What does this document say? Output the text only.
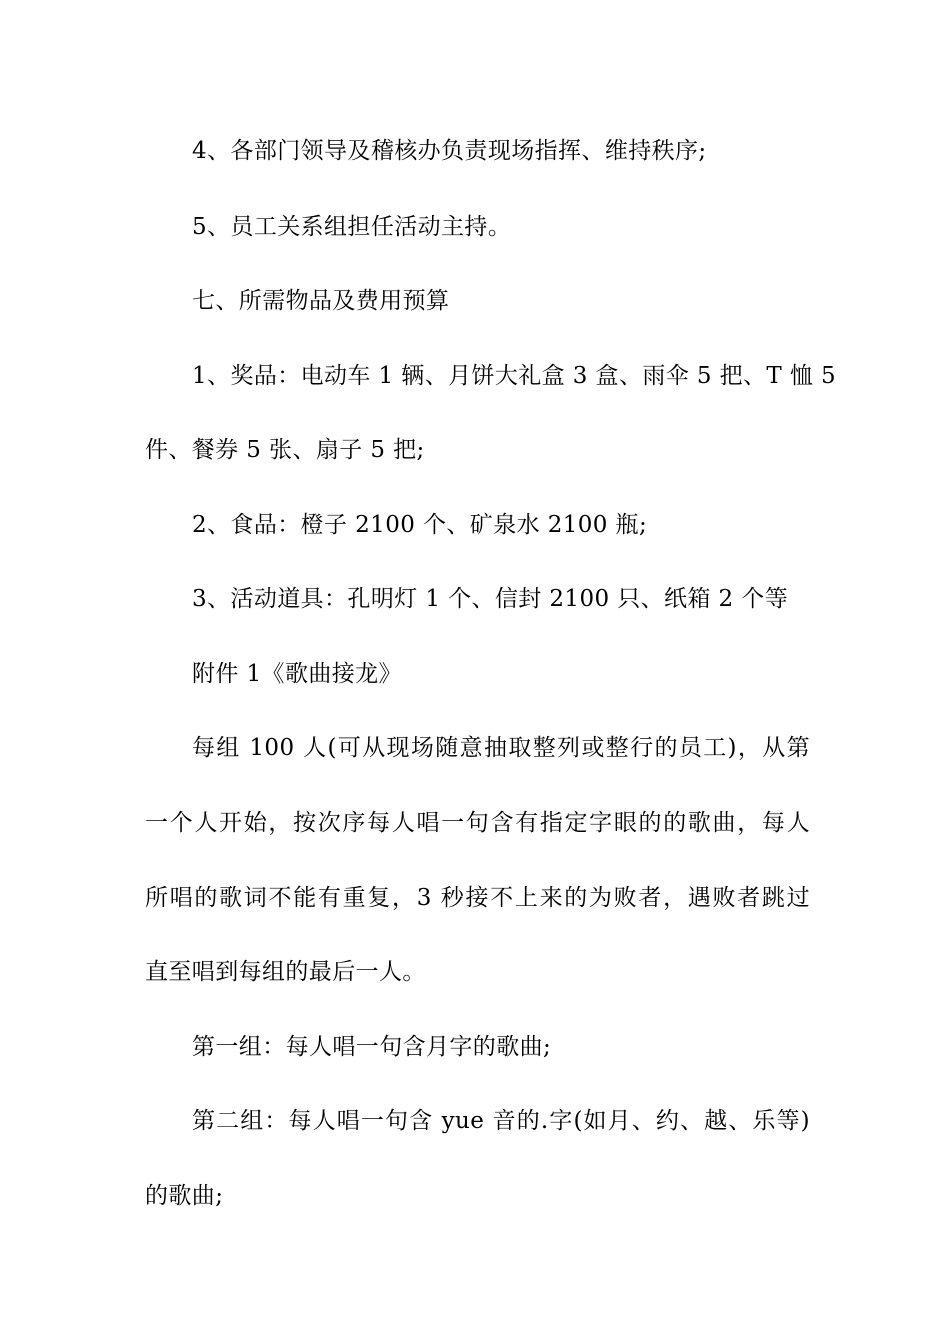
4、各部门领导及稽核办负责现场指挥、维持秩序;
5、员工关系组担任活动主持。
七、所需物品及费用预算
1、奖品：电动车 1 辆、月饼大礼盒 3 盒、雨伞 5 把、T 恤 5
件、餐券 5 张、扇子 5 把;
2、食品：橙子 2100 个、矿泉水 2100 瓶;
3、活动道具：孔明灯 1 个、信封 2100 只、纸箱 2 个等
附件 1《歌曲接龙》
每组 100 人(可从现场随意抽取整列或整行的员工)，从第
一个人开始，按次序每人唱一句含有指定字眼的的歌曲，每人
所唱的歌词不能有重复，3 秒接不上来的为败者，遇败者跳过
直至唱到每组的最后一人。
第一组：每人唱一句含月字的歌曲;
第二组：每人唱一句含 yue 音的.字(如月、约、越、乐等)
的歌曲;
